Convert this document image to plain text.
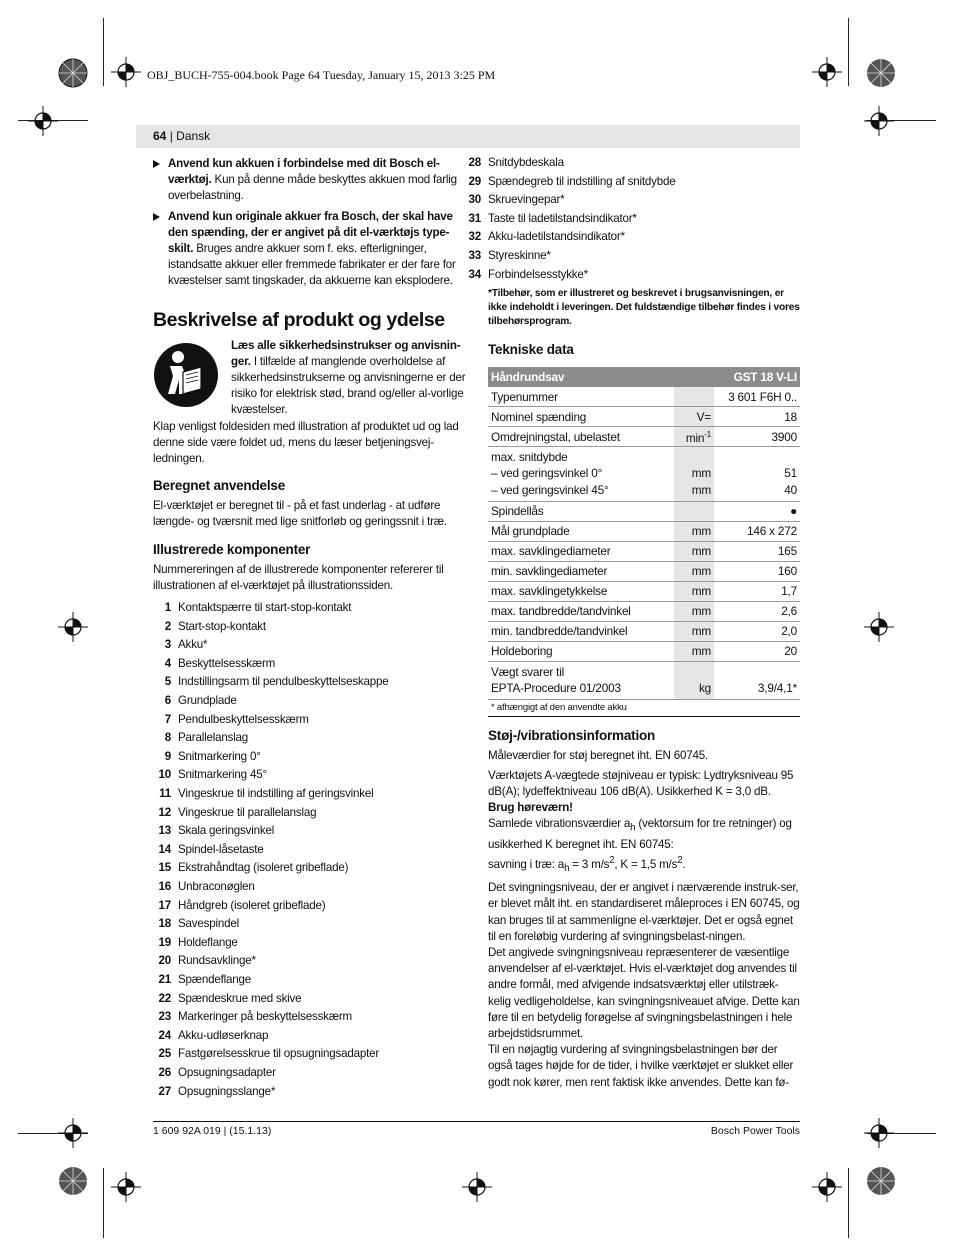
OBJ_BUCH-755-004.book Page 64 Tuesday, January 15, 2013 3:25 PM
64 | Dansk
Anvend kun akkuen i forbindelse med dit Bosch el-værktøj. Kun på denne måde beskyttes akkuen mod farlig overbelastning.
Anvend kun originale akkuer fra Bosch, der skal have den spænding, der er angivet på dit el-værktøjs type-skilt. Bruges andre akkuer som f. eks. efterligninger, istandsatte akkuer eller fremmede fabrikater er der fare for kvæstelser samt tingskader, da akkuerne kan eksplodere.
Beskrivelse af produkt og ydelse

Læs alle sikkerhedsinstrukser og anvisnin-ger. I tilfælde af manglende overholdelse af sikkerhedsinstrukserne og anvisningerne er der risiko for elektrisk stød, brand og/eller al-vorlige kvæstelser.

Klap venligst foldesiden med illustration af produktet ud og lad denne side være foldet ud, mens du læser betjeningsvej-ledningen.

Beregnet anvendelse

El-værktøjet er beregnet til - på et fast underlag - at udføre længde- og tværsnit med lige snitforløb og geringssnit i træ.

Illustrerede komponenter

Nummereringen af de illustrerede komponenter refererer til illustrationen af el-værktøjet på illustrationssiden.

1 Kontaktspærre til start-stop-kontakt
2 Start-stop-kontakt
3 Akku*
4 Beskyttelsesskærm
5 Indstillingsarm til pendulbeskyttelseskappe
6 Grundplade
7 Pendulbeskyttelsesskærm
8 Parallelanslag
9 Snitmarkering 0°
10 Snitmarkering 45°
11 Vingeskrue til indstilling af geringsvinkel
12 Vingeskrue til parallelanslag
13 Skala geringsvinkel
14 Spindel-låsetaste
15 Ekstrahåndtag (isoleret gribeflade)
16 Unbraconøglen
17 Håndgreb (isoleret gribeflade)
18 Savespindel
19 Holdeflange
20 Rundsavklinge*
21 Spændeflange
22 Spændeskrue med skive
23 Markeringer på beskyttelsesskærm
24 Akku-udløserknap
25 Fastgørelsesskrue til opsugningsadapter
26 Opsugningsadapter
27 Opsugningsslange*
28 Snitdybdeskala
29 Spændegreb til indstilling af snitdybde
30 Skruevingepar*
31 Taste til ladetilstandsindikator*
32 Akku-ladetilstandsindikator*
33 Styreskinne*
34 Forbindelsesstykke*

*Tilbehør, som er illustreret og beskrevet i brugsanvisningen, er ikke indeholdt i leveringen. Det fuldstændige tilbehør findes i vores tilbehørsprogram.

Tekniske data
Håndrundsav		GST 18 V-LI
Typenummer		3 601 F6H 0..
Nominel spænding	V=	18
Omdrejningstal, ubelastet	$\min^{-1}$	3900
max. snitdybde		
– ved geringsvinkel 0°	mm	51
– ved geringsvinkel 45°	mm	40
Spindellås		●
Mål grundplade	mm	146 x 272
max. savklingediameter	mm	165
min. savklingediameter	mm	160
max. savklingetykkelse	mm	1,7
max. tandbredde/tandvinkel	mm	2,6
min. tandbredde/tandvinkel	mm	2,0
Holdeboring	mm	20
Vægt svarer til		
EPTA-Procedure 01/2003	kg	3,9/4,1*
* afhængigt af den anvendte akku
Støj-/vibrationsinformation

Måleværdier for støj beregnet iht. EN 60745.

Værktøjets A-vægtede støjniveau er typisk: Lydtryksniveau 95 dB(A); lydeffektniveau 106 dB(A). Usikkerhed K = 3,0 dB.

Brug høreværn!

Samlede vibrationsværdier $a_h$ (vektorsum for tre retninger) og usikkerhed K beregnet iht. EN 60745:

savning i træ: $a_h = 3$ $m/s^2$, K = 1,5 $m/s^2$.

Det svingningsniveau, der er angivet i nærværende instruk-ser, er blevet målt iht. en standardiseret måleproces i EN 60745, og kan bruges til at sammenligne el-værktøjer. Det er også egnet til en foreløbig vurdering af svingningsbelast-ningen.

Det angivede svingningsniveau repræsenterer de væsentlige anvendelser af el-værktøjet. Hvis el-værktøjet dog anvendes til andre formål, med afvigende indsatsværktøj eller utilstræk-kelig vedligeholdelse, kan svingningsniveauet afvige. Dette kan føre til en betydelig forøgelse af svingningsbelastningen i hele arbejdstidsrummet.

Til en nøjagtig vurdering af svingningsbelastningen bør der også tages højde for de tider, i hvilke værktøjet er slukket eller godt nok kører, men rent faktisk ikke anvendes. Dette kan fø-

1 609 92A 019 | (15.1.13)	Bosch Power Tools
